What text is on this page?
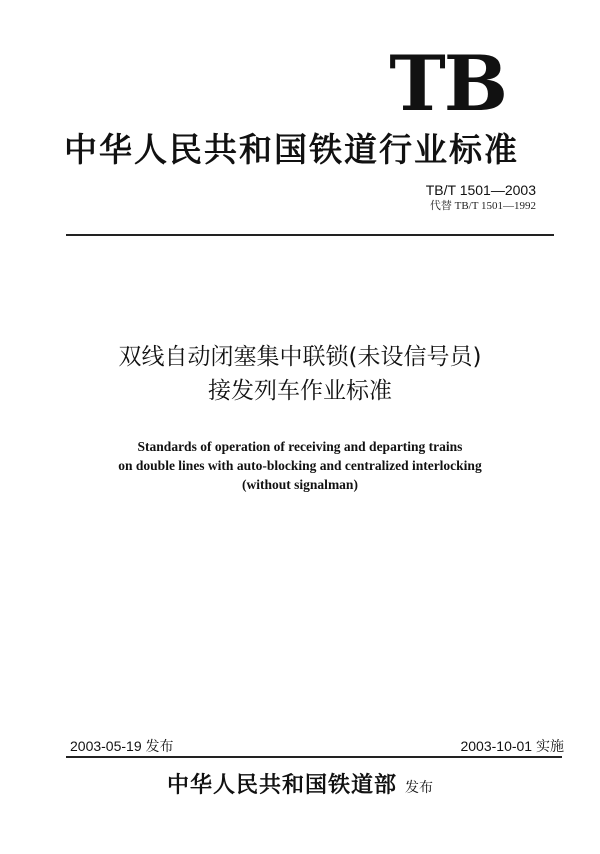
TB
中华人民共和国铁道行业标准
TB/T 1501—2003
代替 TB/T 1501—1992
双线自动闭塞集中联锁(未设信号员)
接发列车作业标准
Standards of operation of receiving and departing trains
on double lines with auto-blocking and centralized interlocking
(without signalman)
2003-05-19 发布	2003-10-01 实施
中华人民共和国铁道部 发布
